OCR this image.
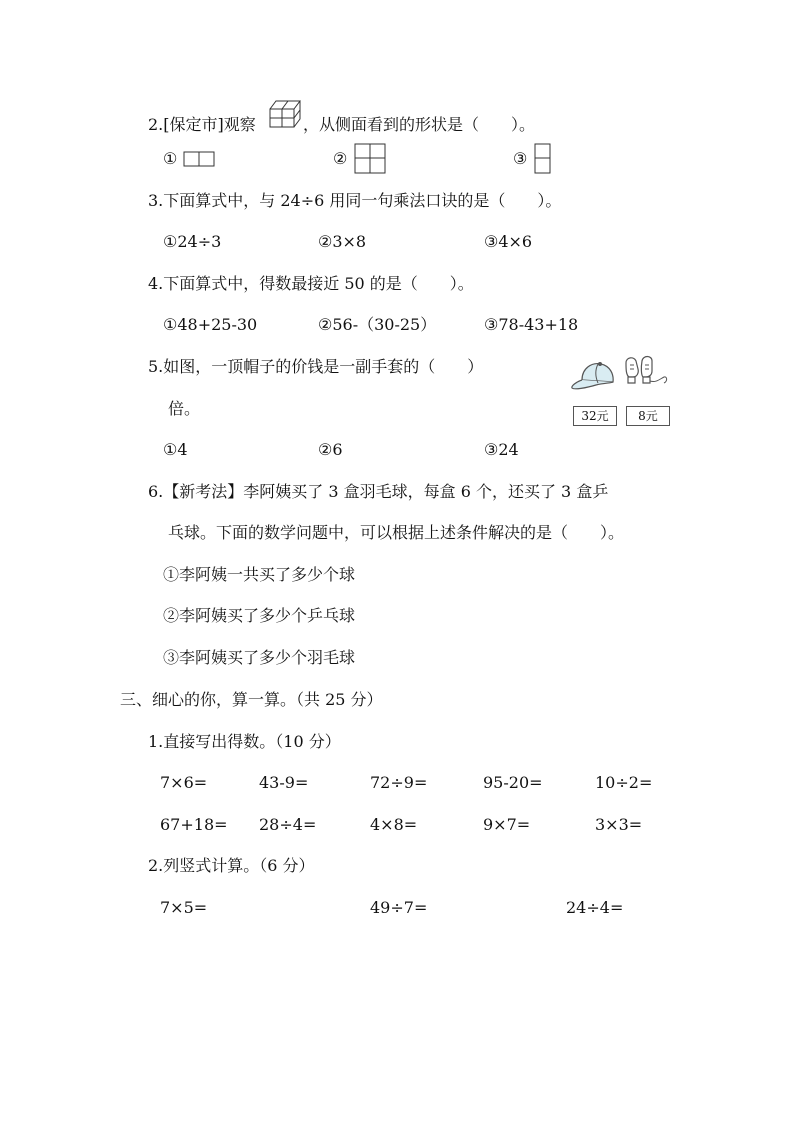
2.[保定市]观察	，从侧面看到的形状是（　　）。
①	②	③
3.下面算式中，与 24÷6 用同一句乘法口诀的是（　　）。
①24÷3	②3×8	③4×6
4.下面算式中，得数最接近 50 的是（　　）。
①48+25-30	②56-（30-25）	③78-43+18
5.如图，一顶帽子的价钱是一副手套的（　　）
倍。	32元	8元
①4	②6	③24
6.【新考法】李阿姨买了 3 盒羽毛球，每盒 6 个，还买了 3 盒乒
乓球。下面的数学问题中，可以根据上述条件解决的是（　　）。
①李阿姨一共买了多少个球
②李阿姨买了多少个乒乓球
③李阿姨买了多少个羽毛球
三、细心的你，算一算。（共 25 分）
1.直接写出得数。（10 分）
7×6=	43-9=	72÷9=	95-20=	10÷2=
67+18= 28÷4=	4×8=	9×7=	3×3=
2.列竖式计算。（6 分）
7×5=	49÷7=	24÷4=
